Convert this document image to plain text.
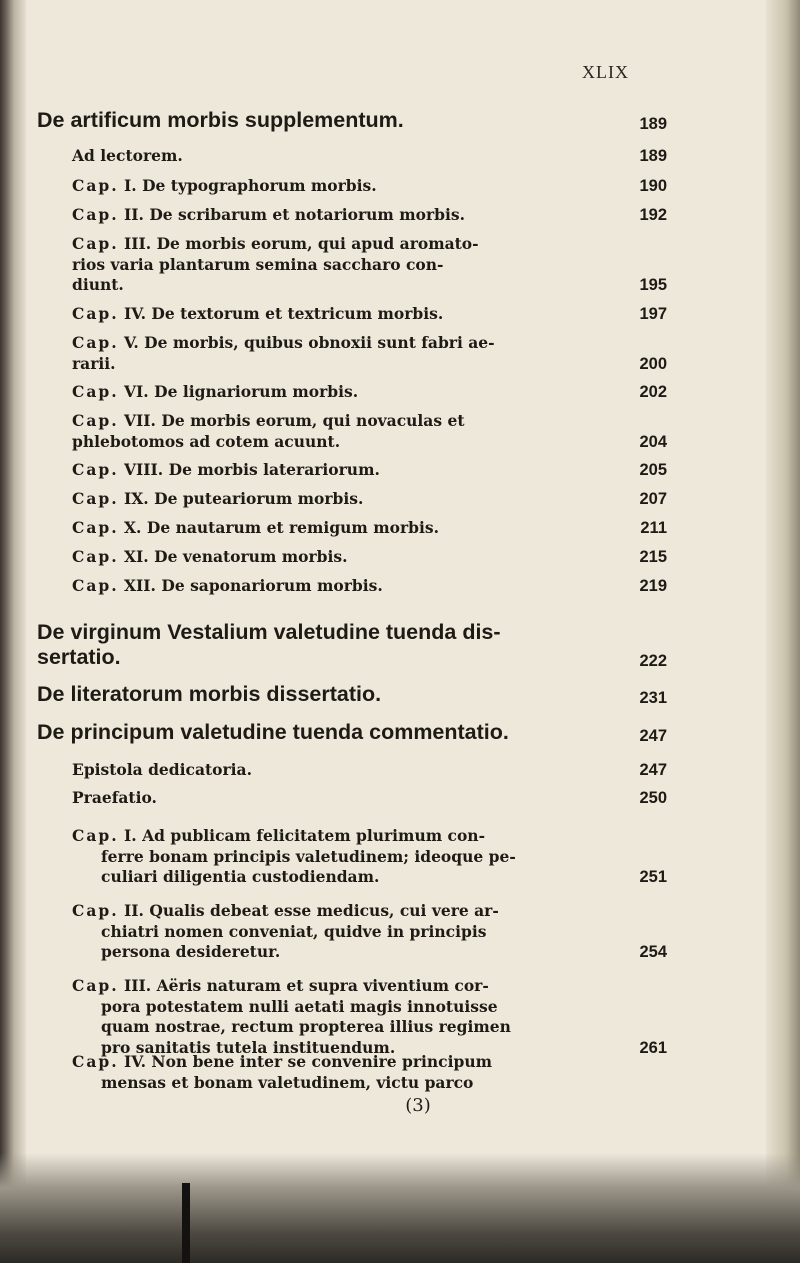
XLIX
De artificum morbis supplementum.	189
Ad lectorem.	189
Cap. I. De typographorum morbis.	190
Cap. II. De scribarum et notariorum morbis.	192
Cap. III. De morbis eorum, qui apud aromato-
rios varia plantarum semina saccharo con-
diunt.	195
Cap. IV. De textorum et textricum morbis.	197
Cap. V. De morbis, quibus obnoxii sunt fabri ae-
rarii.	200
Cap. VI. De lignariorum morbis.	202
Cap. VII. De morbis eorum, qui novaculas et
phlebotomos ad cotem acuunt.	204
Cap. VIII. De morbis laterariorum.	205
Cap. IX. De puteariorum morbis.	207
Cap. X. De nautarum et remigum morbis.	211
Cap. XI. De venatorum morbis.	215
Cap. XII. De saponariorum morbis.	219
De virginum Vestalium valetudine tuenda dis-
sertatio.	222
De literatorum morbis dissertatio.	231
De principum valetudine tuenda commentatio.	247
Epistola dedicatoria.	247
Praefatio.	250
Cap. I. Ad publicam felicitatem plurimum con-
ferre bonam principis valetudinem; ideoque pe-
culiari diligentia custodiendam.	251
Cap. II. Qualis debeat esse medicus, cui vere ar-
chiatri nomen conveniat, quidve in principis
persona desideretur.	254
Cap. III. Aëris naturam et supra viventium cor-
pora potestatem nulli aetati magis innotuisse
quam nostrae, rectum propterea illius regimen
pro sanitatis tutela instituendum.	261
Cap. IV. Non bene inter se convenire principum
mensas et bonam valetudinem, victu parco
(3)
